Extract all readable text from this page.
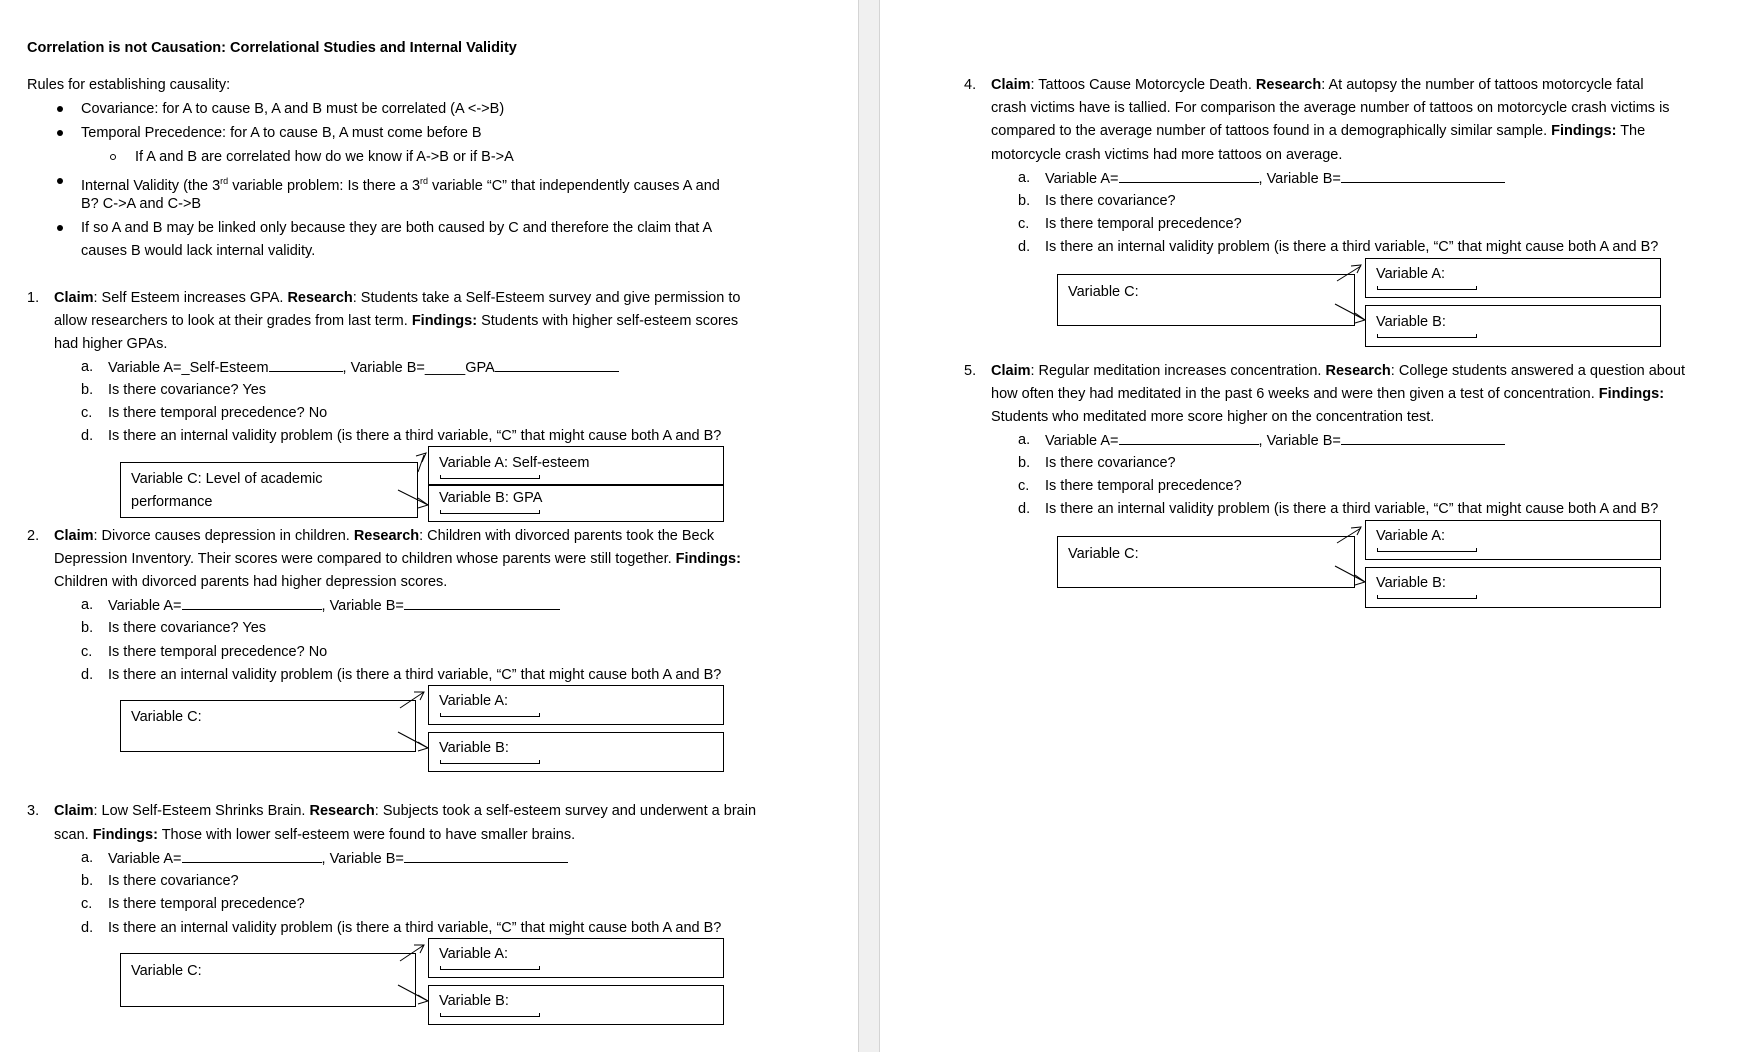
Correlation is not Causation: Correlational Studies and Internal Validity
Rules for establishing causality:
Covariance: for A to cause B, A and B must be correlated (A <->B)
Temporal Precedence: for A to cause B, A must come before B
If A and B are correlated how do we know if A->B or if B->A
Internal Validity (the 3rd variable problem: Is there a 3rd variable “C” that independently causes A and
B? C->A and C->B
If so A and B may be linked only because they are both caused by C and therefore the claim that A
causes B would lack internal validity.
1. Claim: Self Esteem increases GPA. Research: Students take a Self-Esteem survey and give permission to
allow researchers to look at their grades from last term. Findings: Students with higher self-esteem scores
had higher GPAs.
a. Variable A=_Self-Esteem	, Variable B=_____GPA
b. Is there covariance? Yes
c. Is there temporal precedence? No
d. Is there an internal validity problem (is there a third variable, “C” that might cause both A and B?
Variable C: Level of academic
performance
Variable A: Self-esteem
Variable B: GPA
2. Claim: Divorce causes depression in children. Research: Children with divorced parents took the Beck
Depression Inventory. Their scores were compared to children whose parents were still together. Findings:
Children with divorced parents had higher depression scores.
a. Variable A=	, Variable B=
b. Is there covariance? Yes
c. Is there temporal precedence? No
d. Is there an internal validity problem (is there a third variable, “C” that might cause both A and B?
Variable C:
Variable A:
Variable B:
3. Claim: Low Self-Esteem Shrinks Brain. Research: Subjects took a self-esteem survey and underwent a brain
scan. Findings: Those with lower self-esteem were found to have smaller brains.
a. Variable A=	, Variable B=
b. Is there covariance?
c. Is there temporal precedence?
d. Is there an internal validity problem (is there a third variable, “C” that might cause both A and B?
Variable C:
Variable A:
Variable B:
4. Claim: Tattoos Cause Motorcycle Death. Research: At autopsy the number of tattoos motorcycle fatal
crash victims have is tallied. For comparison the average number of tattoos on motorcycle crash victims is
compared to the average number of tattoos found in a demographically similar sample. Findings: The
motorcycle crash victims had more tattoos on average.
a. Variable A=	, Variable B=
b. Is there covariance?
c. Is there temporal precedence?
d. Is there an internal validity problem (is there a third variable, “C” that might cause both A and B?
Variable C:
Variable A:
Variable B:
5. Claim: Regular meditation increases concentration. Research: College students answered a question about
how often they had meditated in the past 6 weeks and were then given a test of concentration. Findings:
Students who meditated more score higher on the concentration test.
a. Variable A=	, Variable B=
b. Is there covariance?
c. Is there temporal precedence?
d. Is there an internal validity problem (is there a third variable, “C” that might cause both A and B?
Variable C:
Variable A:
Variable B:
